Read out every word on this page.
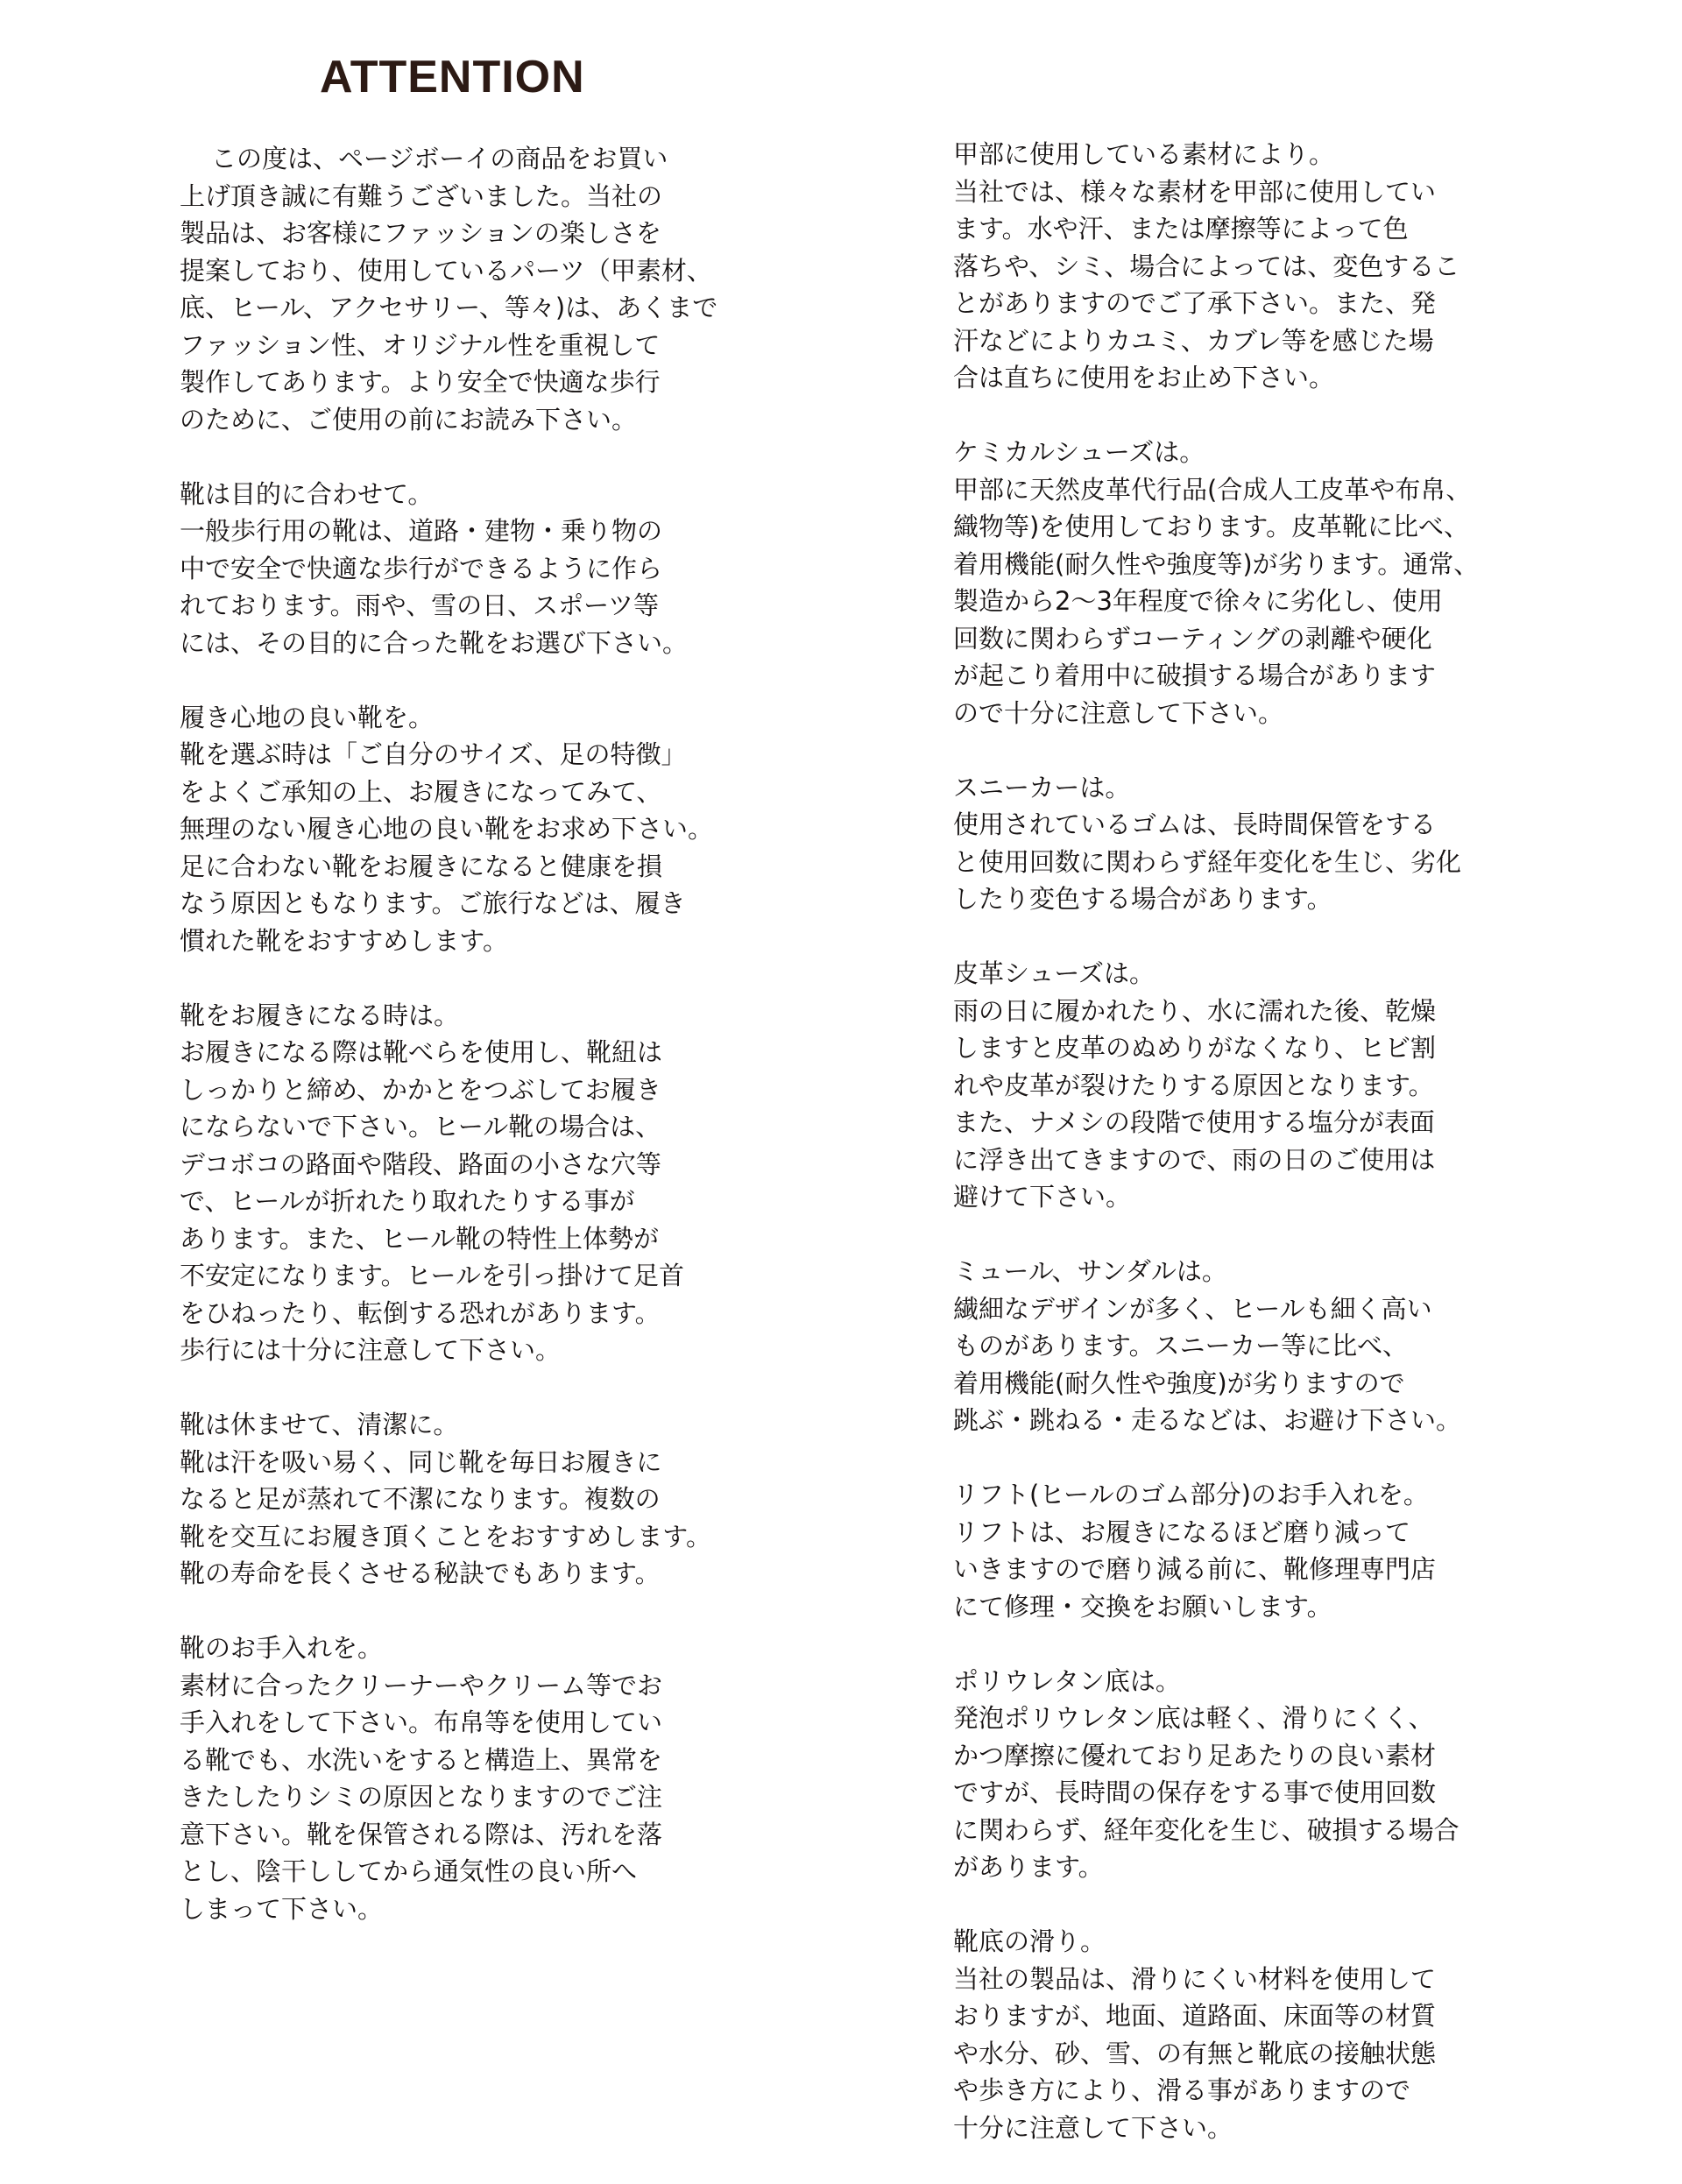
ATTENTION
この度は、ページボーイの商品をお買い
上げ頂き誠に有難うございました。当社の
製品は、お客様にファッションの楽しさを
提案しており、使用しているパーツ（甲素材、
底、ヒール、アクセサリー、等々)は、あくまで
ファッション性、オリジナル性を重視して
製作してあります。より安全で快適な歩行
のために、ご使用の前にお読み下さい。
靴は目的に合わせて。
一般歩行用の靴は、道路・建物・乗り物の
中で安全で快適な歩行ができるように作ら
れております。雨や、雪の日、スポーツ等
には、その目的に合った靴をお選び下さい。
履き心地の良い靴を。
靴を選ぶ時は「ご自分のサイズ、足の特徴」
をよくご承知の上、お履きになってみて、
無理のない履き心地の良い靴をお求め下さい。
足に合わない靴をお履きになると健康を損
なう原因ともなります。ご旅行などは、履き
慣れた靴をおすすめします。
靴をお履きになる時は。
お履きになる際は靴べらを使用し、靴紐は
しっかりと締め、かかとをつぶしてお履き
にならないで下さい。ヒール靴の場合は、
デコボコの路面や階段、路面の小さな穴等
で、ヒールが折れたり取れたりする事が
あります。また、ヒール靴の特性上体勢が
不安定になります。ヒールを引っ掛けて足首
をひねったり、転倒する恐れがあります。
歩行には十分に注意して下さい。
靴は休ませて、清潔に。
靴は汗を吸い易く、同じ靴を毎日お履きに
なると足が蒸れて不潔になります。複数の
靴を交互にお履き頂くことをおすすめします。
靴の寿命を長くさせる秘訣でもあります。
靴のお手入れを。
素材に合ったクリーナーやクリーム等でお
手入れをして下さい。布帛等を使用してい
る靴でも、水洗いをすると構造上、異常を
きたしたりシミの原因となりますのでご注
意下さい。靴を保管される際は、汚れを落
とし、陰干ししてから通気性の良い所へ
しまって下さい。
甲部に使用している素材により。
当社では、様々な素材を甲部に使用してい
ます。水や汗、または摩擦等によって色
落ちや、シミ、場合によっては、変色するこ
とがありますのでご了承下さい。また、発
汗などによりカユミ、カブレ等を感じた場
合は直ちに使用をお止め下さい。
ケミカルシューズは。
甲部に天然皮革代行品(合成人工皮革や布帛、
織物等)を使用しております。皮革靴に比べ、
着用機能(耐久性や強度等)が劣ります。通常、
製造から2～3年程度で徐々に劣化し、使用
回数に関わらずコーティングの剥離や硬化
が起こり着用中に破損する場合があります
ので十分に注意して下さい。
スニーカーは。
使用されているゴムは、長時間保管をする
と使用回数に関わらず経年変化を生じ、劣化
したり変色する場合があります。
皮革シューズは。
雨の日に履かれたり、水に濡れた後、乾燥
しますと皮革のぬめりがなくなり、ヒビ割
れや皮革が裂けたりする原因となります。
また、ナメシの段階で使用する塩分が表面
に浮き出てきますので、雨の日のご使用は
避けて下さい。
ミュール、サンダルは。
繊細なデザインが多く、ヒールも細く高い
ものがあります。スニーカー等に比べ、
着用機能(耐久性や強度)が劣りますので
跳ぶ・跳ねる・走るなどは、お避け下さい。
リフト(ヒールのゴム部分)のお手入れを。
リフトは、お履きになるほど磨り減って
いきますので磨り減る前に、靴修理専門店
にて修理・交換をお願いします。
ポリウレタン底は。
発泡ポリウレタン底は軽く、滑りにくく、
かつ摩擦に優れており足あたりの良い素材
ですが、長時間の保存をする事で使用回数
に関わらず、経年変化を生じ、破損する場合
があります。
靴底の滑り。
当社の製品は、滑りにくい材料を使用して
おりますが、地面、道路面、床面等の材質
や水分、砂、雪、の有無と靴底の接触状態
や歩き方により、滑る事がありますので
十分に注意して下さい。
